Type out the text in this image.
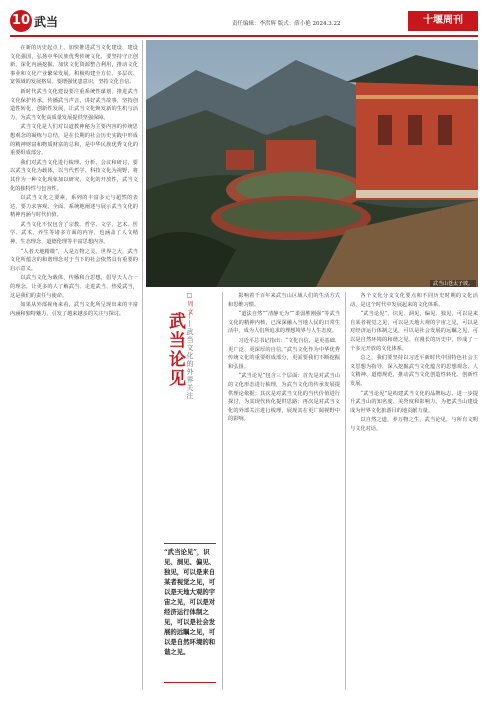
10 武当	责任编辑：李洪辉 版式：薛小艳 2024.3.22	十堰周刊

在新的历史起点上，加快推进武当文化建设，建设文化强国，弘扬中华民族优秀传统文化，要坚持守正创新，深化内涵挖掘，加快文化资源整合利用，推动文化事业和文化产业繁荣发展，积极构建全方位、多层次、宽领域的发展格局。要增强忧患意识，坚持文化自信。

新时代武当文化建设要注重系统性谋划，推进武当文化保护传承。传播武当声音，讲好武当故事，坚持创造性转化，创新性发展，让武当文化焕发新的生机与活力，为武当文化高质量发展提供坚强保障。

武当文化是人们对以道教神秘为主要内容的传统思想观念的凝练与总结，是在长期的社会历史实践中形成的精神财富和物质财富的总和，是中华民族优秀文化的重要组成部分。

我们对武当文化进行梳理、分析、会议和研讨，要以武当文化为载体，以当代哲学、科技文化为视野，将其作为一种文化现象加以研究，文化的开放性，武当文化的独特性与包容性。

以武当文化之要素，系列的丰富多元与超然的表达，要力求客观、全面、系统地阐述与展示武当文化的精神内涵与时代价值。

武当文化不仅包含了宗教、哲学、文学、艺术、医学、武术、养生等诸多方面的内容，也涵盖了人文精神、生态理念、道德伦理等丰富思想内容。

“人者天地精微”，人是万物之灵。世界之大，武当文化所蕴含的和谐理念对于当下的社会依然具有重要的启示意义。

以武当文化为载体，传播和合思想，倡导天人合一的理念，让更多的人了解武当、走进武当、热爱武当，这是我们的责任与使命。

如果从外部视角来看，武当文化所呈现出来的丰富内涵和独特魅力，引发了越来越多的关注与探讨。

武当山苍太子坡。
□ 周 文
武当论见 ——武当文化的外界关注
“武当论见”，识见、洞见、偏见、独见，可以是来自某者视觉之见，可以是天地大观的宇宙之见，可以是对经济运行体制之见，可以是社会发展的远瞩之见，可以是自然环境的和谐之见。

影响着千百年来武当山区域人们的生活方式和思维习惯。

“道法自然”“清静无为”“柔弱胜刚强”等武当文化的精神内核，已深深融入当地人民的日常生活中，成为人们所追求的理想境界与人生态度。

习近平总书记指出：“文化自信，是更基础、更广泛、更深厚的自信。”武当文化作为中华优秀传统文化的重要组成部分，更需要我们不断挖掘和弘扬。

“武当论见”包含三个层面：首先是对武当山的文化形态进行梳理，为武当文化的传承发展提供理论依据；其次是对武当文化的当代价值进行探讨，为其现代转化提供思路；再次是对武当文化的外部关注进行梳理，展现其在更广阔视野中的影响。

各个文化分支文化要点和不同历史时期的文化活动，是这个时代中发展起来的文化体系。

“武当论见”，识见、洞见、偏见、独见，可以是来自某者视觉之见，可以是天地大观的宇宙之见，可以是对经济运行体制之见，可以是社会发展的远瞩之见，可以是自然环境的和谐之见。在漫长的历史中，形成了一个多元开放的文化体系。

总之，我们要坚持以习近平新时代中国特色社会主义思想为指导，深入挖掘武当文化蕴含的思想观念、人文精神、道德规范，推动武当文化创造性转化、创新性发展。

“武当论见”是构建武当文化的品牌标志，进一步提升武当山的知名度、美誉度和影响力，为把武当山建设成为世界文化旅游目的地贡献力量。

以自然之道，养万物之生，武当论见，与所有文明与文化对话。
